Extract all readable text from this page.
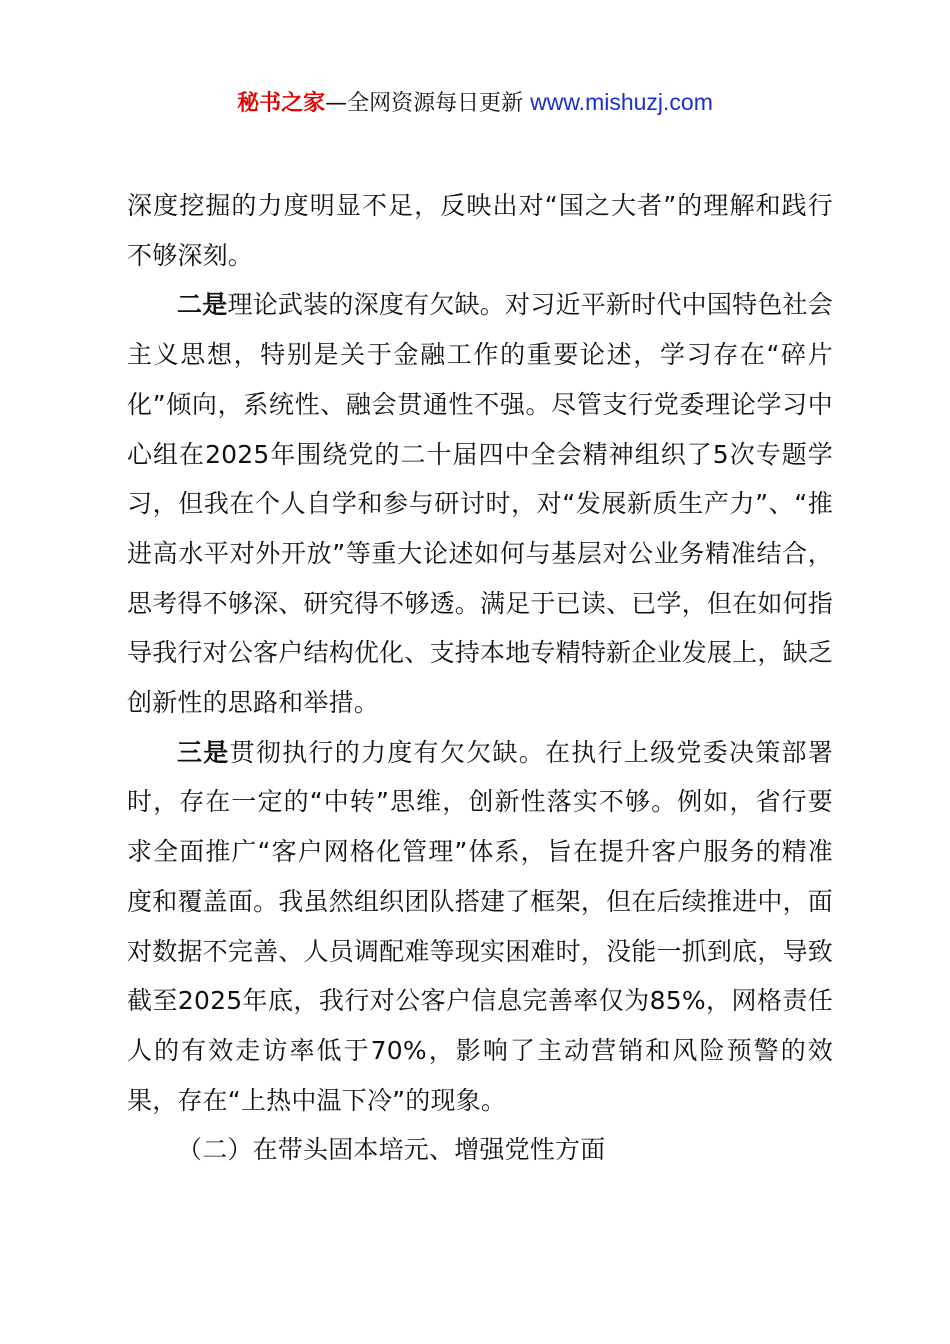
秘书之家—全网资源每日更新 www.mishuzj.com

深度挖掘的力度明显不足，反映出对“国之大者”的理解和践行不够深刻。

二是理论武装的深度有欠缺。对习近平新时代中国特色社会主义思想，特别是关于金融工作的重要论述，学习存在“碎片化”倾向，系统性、融会贯通性不强。尽管支行党委理论学习中心组在2025年围绕党的二十届四中全会精神组织了5次专题学习，但我在个人自学和参与研讨时，对“发展新质生产力”、“推进高水平对外开放”等重大论述如何与基层对公业务精准结合，思考得不够深、研究得不够透。满足于已读、已学，但在如何指导我行对公客户结构优化、支持本地专精特新企业发展上，缺乏创新性的思路和举措。

三是贯彻执行的力度有欠欠缺。在执行上级党委决策部署时，存在一定的“中转”思维，创新性落实不够。例如，省行要求全面推广“客户网格化管理”体系，旨在提升客户服务的精准度和覆盖面。我虽然组织团队搭建了框架，但在后续推进中，面对数据不完善、人员调配难等现实困难时，没能一抓到底，导致截至2025年底，我行对公客户信息完善率仅为85%，网格责任人的有效走访率低于70%，影响了主动营销和风险预警的效果，存在“上热中温下冷”的现象。

（二）在带头固本培元、增强党性方面
